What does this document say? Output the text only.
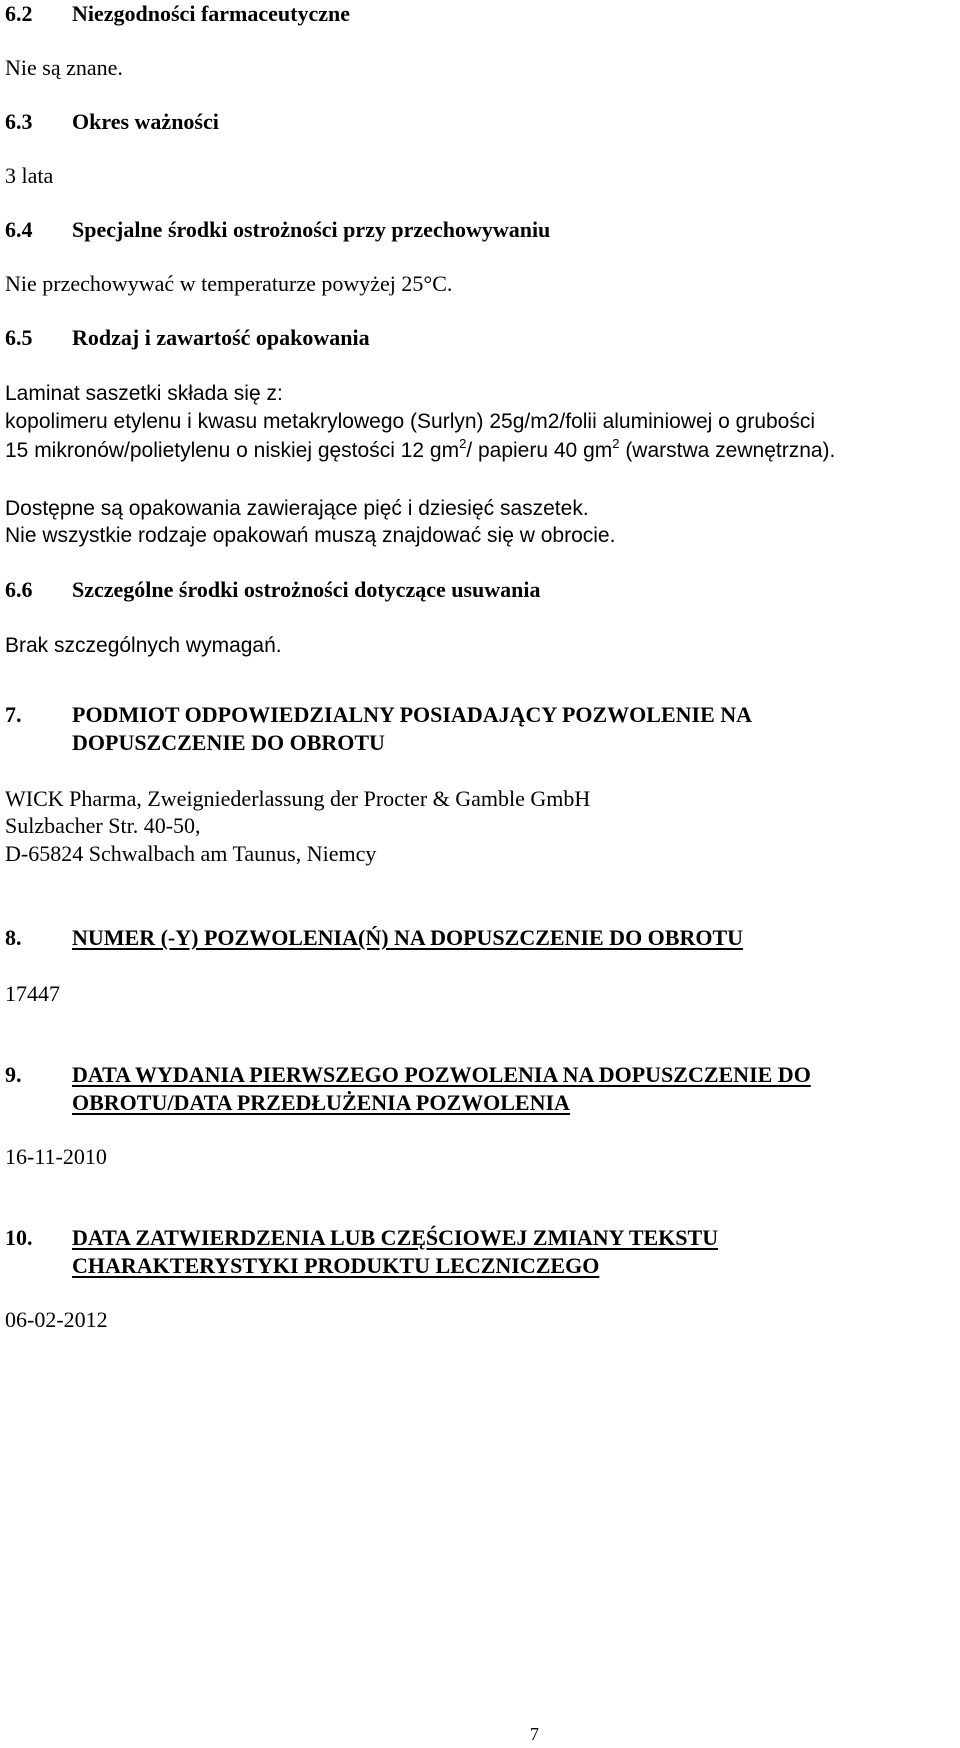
6.2 Niezgodności farmaceutyczne
Nie są znane.
6.3 Okres ważności
3 lata
6.4 Specjalne środki ostrożności przy przechowywaniu
Nie przechowywać w temperaturze powyżej 25°C.
6.5 Rodzaj i zawartość opakowania
Laminat saszetki składa się z:
kopolimeru etylenu i kwasu metakrylowego (Surlyn) 25g/m2/folii aluminiowej o grubości
15 mikronów/polietylenu o niskiej gęstości 12 $gm^2/$ papieru 40 $gm^2$ (warstwa zewnętrzna).
Dostępne są opakowania zawierające pięć i dziesięć saszetek.
Nie wszystkie rodzaje opakowań muszą znajdować się w obrocie.
6.6 Szczególne środki ostrożności dotyczące usuwania
Brak szczególnych wymagań.
7. PODMIOT ODPOWIEDZIALNY POSIADAJĄCY POZWOLENIE NA
DOPUSZCZENIE DO OBROTU
WICK Pharma, Zweigniederlassung der Procter & Gamble GmbH
Sulzbacher Str. 40-50,
D-65824 Schwalbach am Taunus, Niemcy
8. NUMER (-Y) POZWOLENIA(Ń) NA DOPUSZCZENIE DO OBROTU
17447
9. DATA WYDANIA PIERWSZEGO POZWOLENIA NA DOPUSZCZENIE DO
OBROTU/DATA PRZEDŁUŻENIA POZWOLENIA
16-11-2010
10. DATA ZATWIERDZENIA LUB CZĘŚCIOWEJ ZMIANY TEKSTU
CHARAKTERYSTYKI PRODUKTU LECZNICZEGO
06-02-2012
7
